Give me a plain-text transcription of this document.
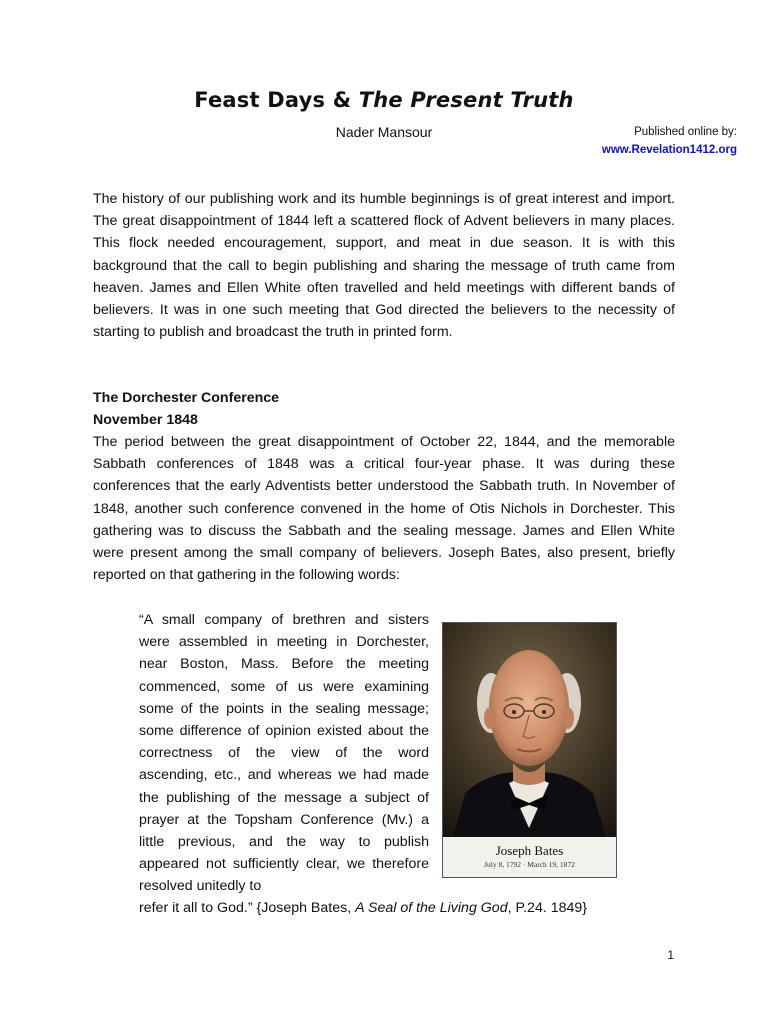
Feast Days & The Present Truth
Nader Mansour	Published online by:
www.Revelation1412.org
The history of our publishing work and its humble beginnings is of great interest and import. The great disappointment of 1844 left a scattered flock of Advent believers in many places. This flock needed encouragement, support, and meat in due season. It is with this background that the call to begin publishing and sharing the message of truth came from heaven. James and Ellen White often travelled and held meetings with different bands of believers. It was in one such meeting that God directed the believers to the necessity of starting to publish and broadcast the truth in printed form.
The Dorchester Conference
November 1848
The period between the great disappointment of October 22, 1844, and the memorable Sabbath conferences of 1848 was a critical four-year phase. It was during these conferences that the early Adventists better understood the Sabbath truth. In November of 1848, another such conference convened in the home of Otis Nichols in Dorchester. This gathering was to discuss the Sabbath and the sealing message. James and Ellen White were present among the small company of believers. Joseph Bates, also present, briefly reported on that gathering in the following words:
“A small company of brethren and sisters were assembled in meeting in Dorchester, near Boston, Mass. Before the meeting commenced, some of us were examining some of the points in the sealing message; some difference of opinion existed about the correctness of the view of the word ascending, etc., and whereas we had made the publishing of the message a subject of prayer at the Topsham Conference (Mv.) a little previous, and the way to publish appeared not sufficiently clear, we therefore resolved unitedly to
refer it all to God.” {Joseph Bates, A Seal of the Living God, P.24. 1849}
Joseph Bates
July 8, 1792 · March 19, 1872
1
